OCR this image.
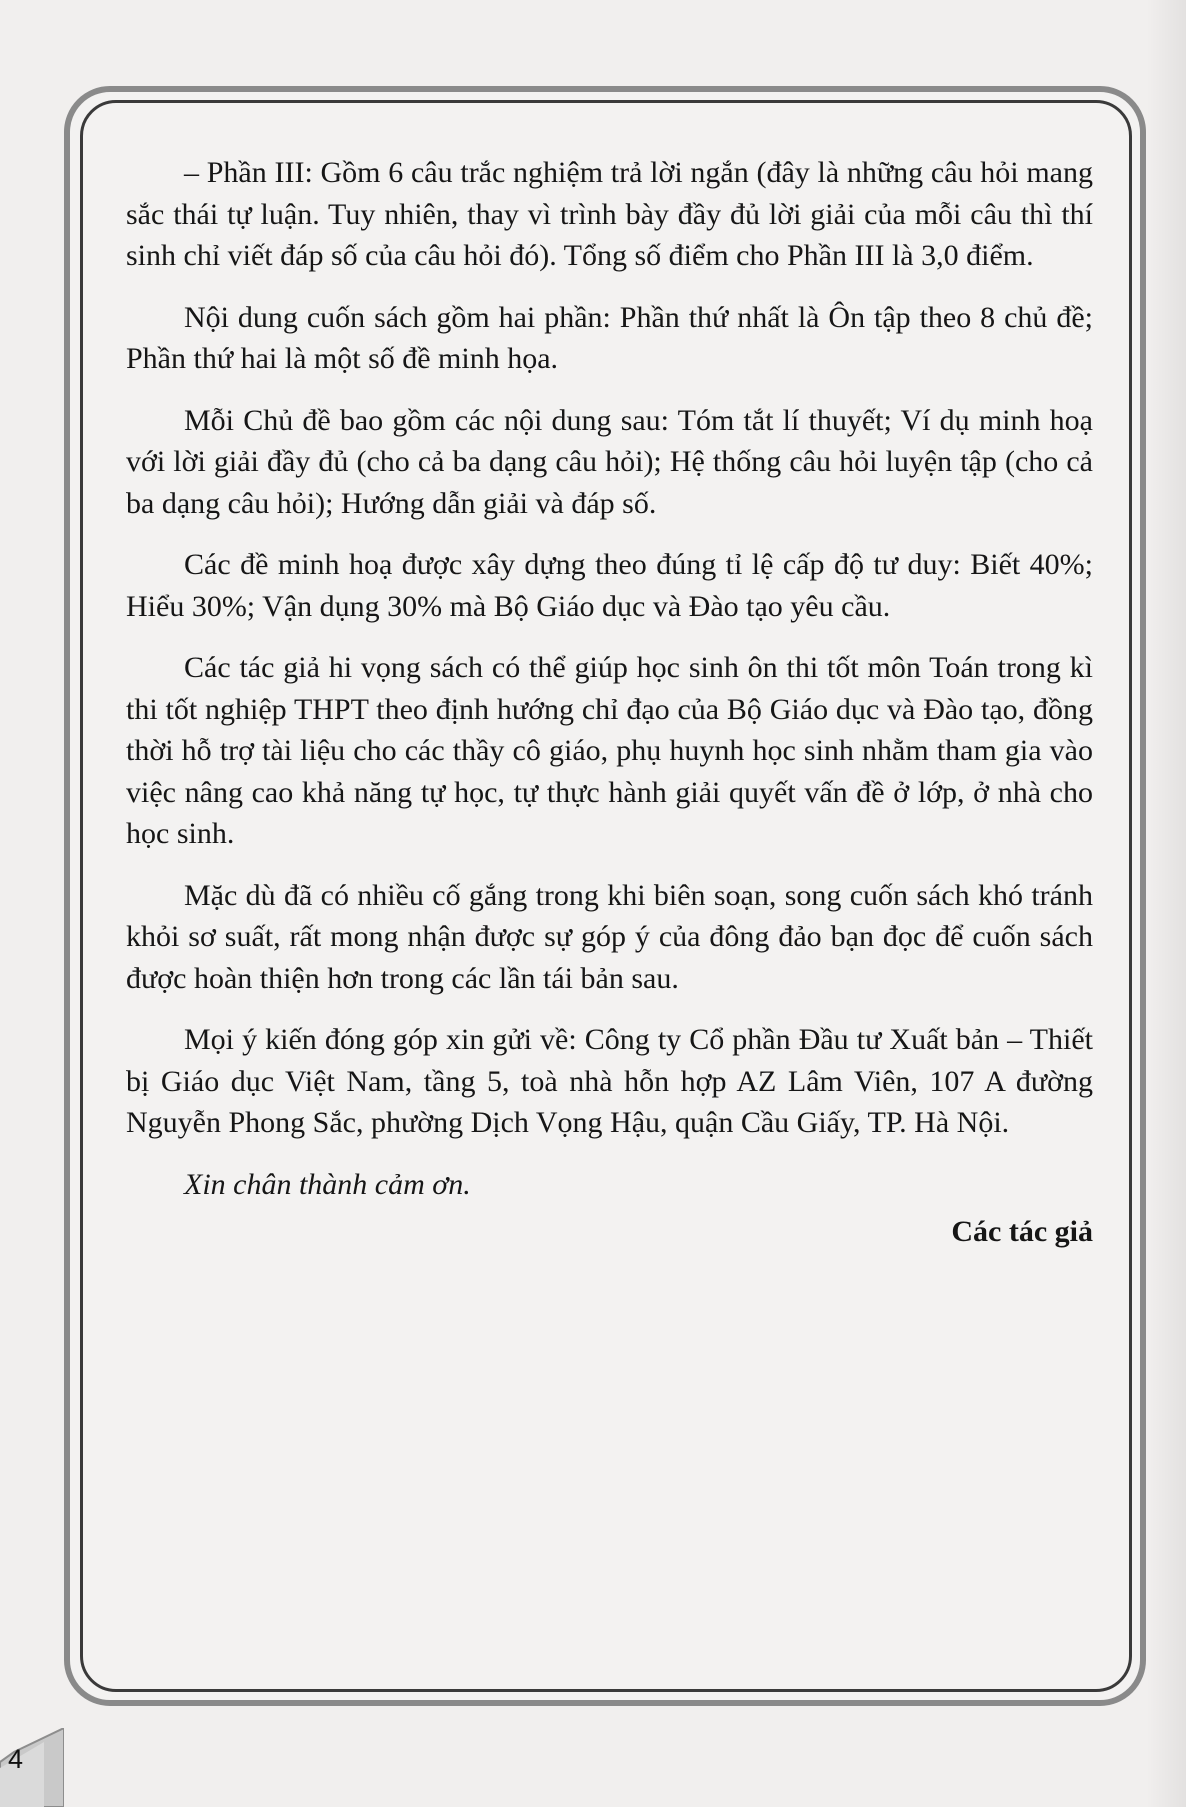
– Phần III: Gồm 6 câu trắc nghiệm trả lời ngắn (đây là những câu hỏi mang sắc thái tự luận. Tuy nhiên, thay vì trình bày đầy đủ lời giải của mỗi câu thì thí sinh chỉ viết đáp số của câu hỏi đó). Tổng số điểm cho Phần III là 3,0 điểm.

Nội dung cuốn sách gồm hai phần: Phần thứ nhất là Ôn tập theo 8 chủ đề; Phần thứ hai là một số đề minh họa.

Mỗi Chủ đề bao gồm các nội dung sau: Tóm tắt lí thuyết; Ví dụ minh hoạ với lời giải đầy đủ (cho cả ba dạng câu hỏi); Hệ thống câu hỏi luyện tập (cho cả ba dạng câu hỏi); Hướng dẫn giải và đáp số.

Các đề minh hoạ được xây dựng theo đúng tỉ lệ cấp độ tư duy: Biết 40%; Hiểu 30%; Vận dụng 30% mà Bộ Giáo dục và Đào tạo yêu cầu.

Các tác giả hi vọng sách có thể giúp học sinh ôn thi tốt môn Toán trong kì thi tốt nghiệp THPT theo định hướng chỉ đạo của Bộ Giáo dục và Đào tạo, đồng thời hỗ trợ tài liệu cho các thầy cô giáo, phụ huynh học sinh nhằm tham gia vào việc nâng cao khả năng tự học, tự thực hành giải quyết vấn đề ở lớp, ở nhà cho học sinh.

Mặc dù đã có nhiều cố gắng trong khi biên soạn, song cuốn sách khó tránh khỏi sơ suất, rất mong nhận được sự góp ý của đông đảo bạn đọc để cuốn sách được hoàn thiện hơn trong các lần tái bản sau.

Mọi ý kiến đóng góp xin gửi về: Công ty Cổ phần Đầu tư Xuất bản – Thiết bị Giáo dục Việt Nam, tầng 5, toà nhà hỗn hợp AZ Lâm Viên, 107 A đường Nguyễn Phong Sắc, phường Dịch Vọng Hậu, quận Cầu Giấy, TP. Hà Nội.

Xin chân thành cảm ơn.

Các tác giả

4
